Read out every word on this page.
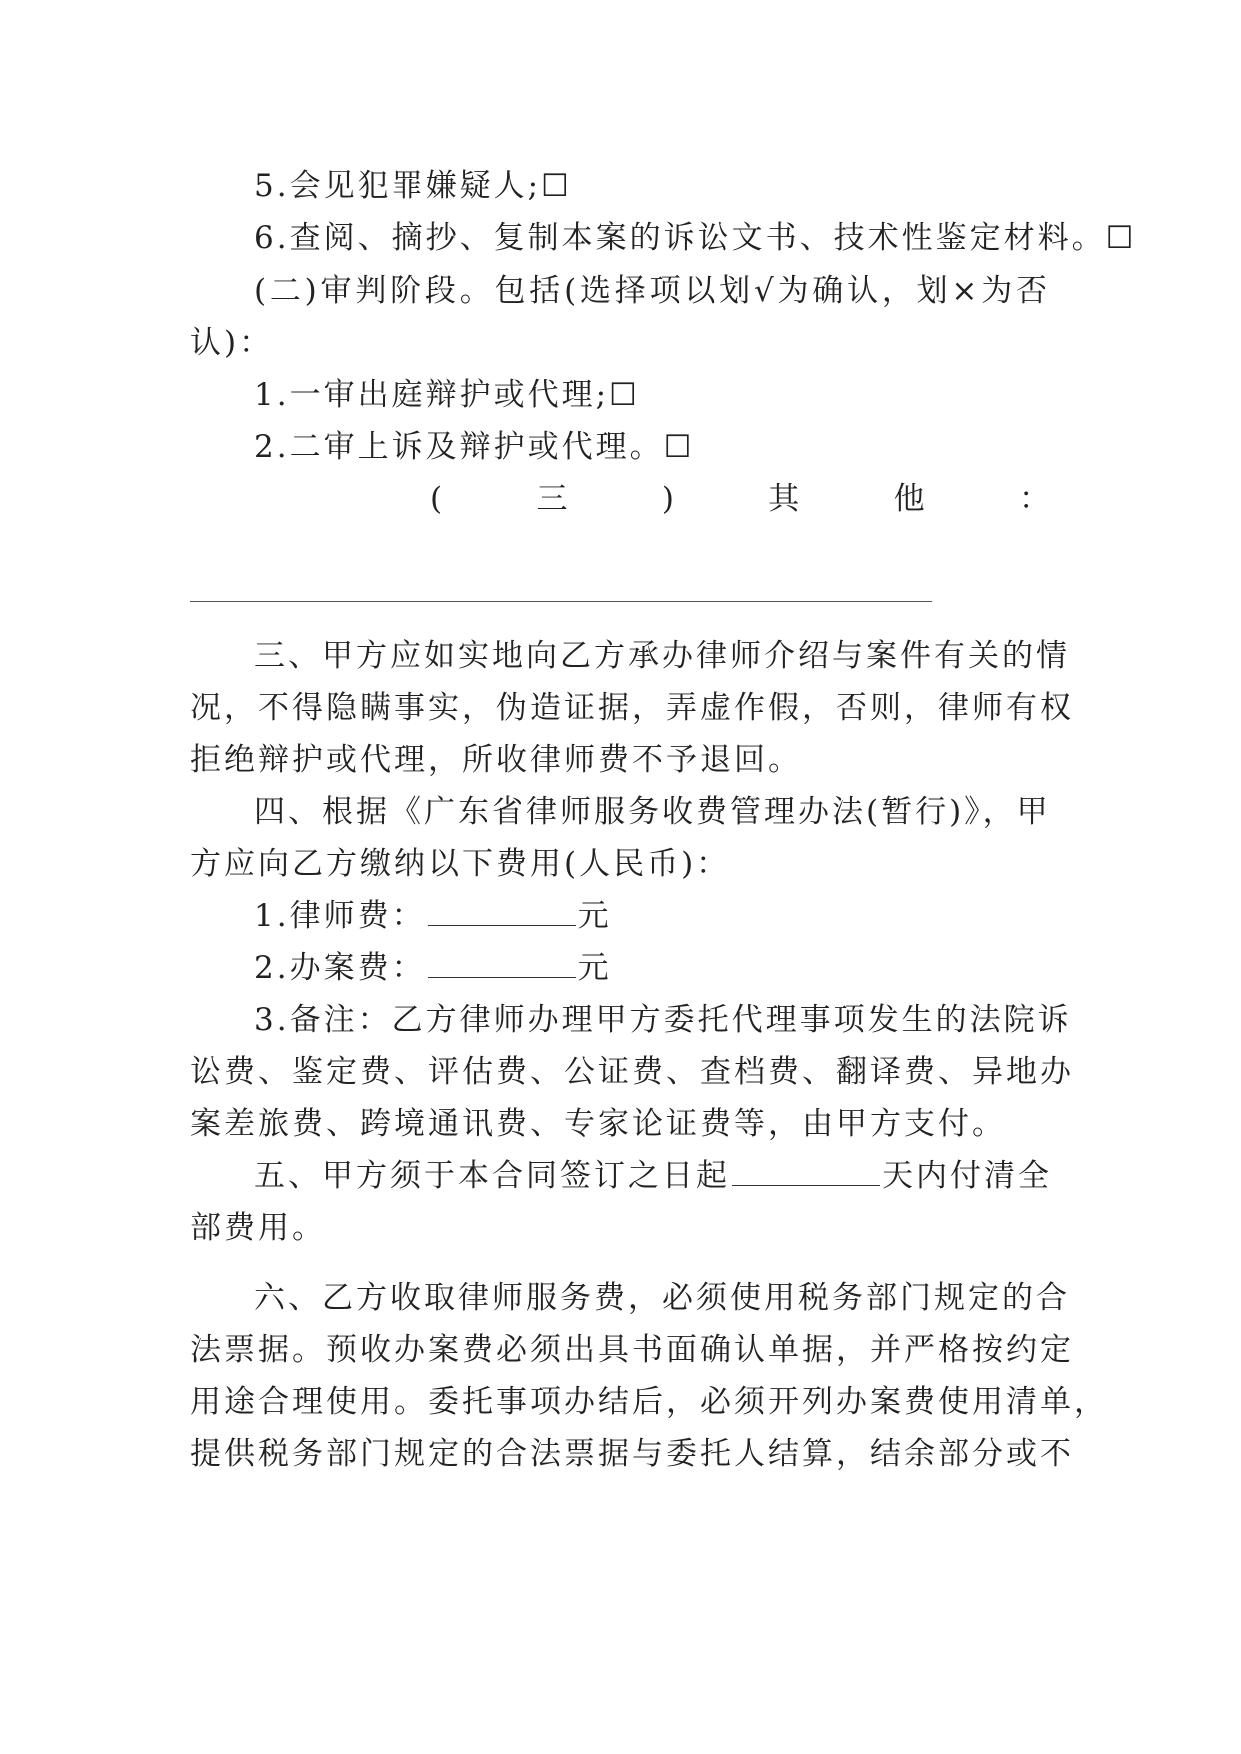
5.会见犯罪嫌疑人;☐
6.查阅、摘抄、复制本案的诉讼文书、技术性鉴定材料。☐
(二)审判阶段。包括(选择项以划√为确认，划×为否
认)：
1.一审出庭辩护或代理;☐
2.二审上诉及辩护或代理。☐
(三)其他：
三、甲方应如实地向乙方承办律师介绍与案件有关的情
况，不得隐瞒事实，伪造证据，弄虚作假，否则，律师有权
拒绝辩护或代理，所收律师费不予退回。
四、根据《广东省律师服务收费管理办法(暂行)》，甲
方应向乙方缴纳以下费用(人民币)：
1.律师费：	元
2.办案费：	元
3.备注：乙方律师办理甲方委托代理事项发生的法院诉
讼费、鉴定费、评估费、公证费、查档费、翻译费、异地办
案差旅费、跨境通讯费、专家论证费等，由甲方支付。
五、甲方须于本合同签订之日起	天内付清全
部费用。
六、乙方收取律师服务费，必须使用税务部门规定的合
法票据。预收办案费必须出具书面确认单据，并严格按约定
用途合理使用。委托事项办结后，必须开列办案费使用清单，
提供税务部门规定的合法票据与委托人结算，结余部分或不
